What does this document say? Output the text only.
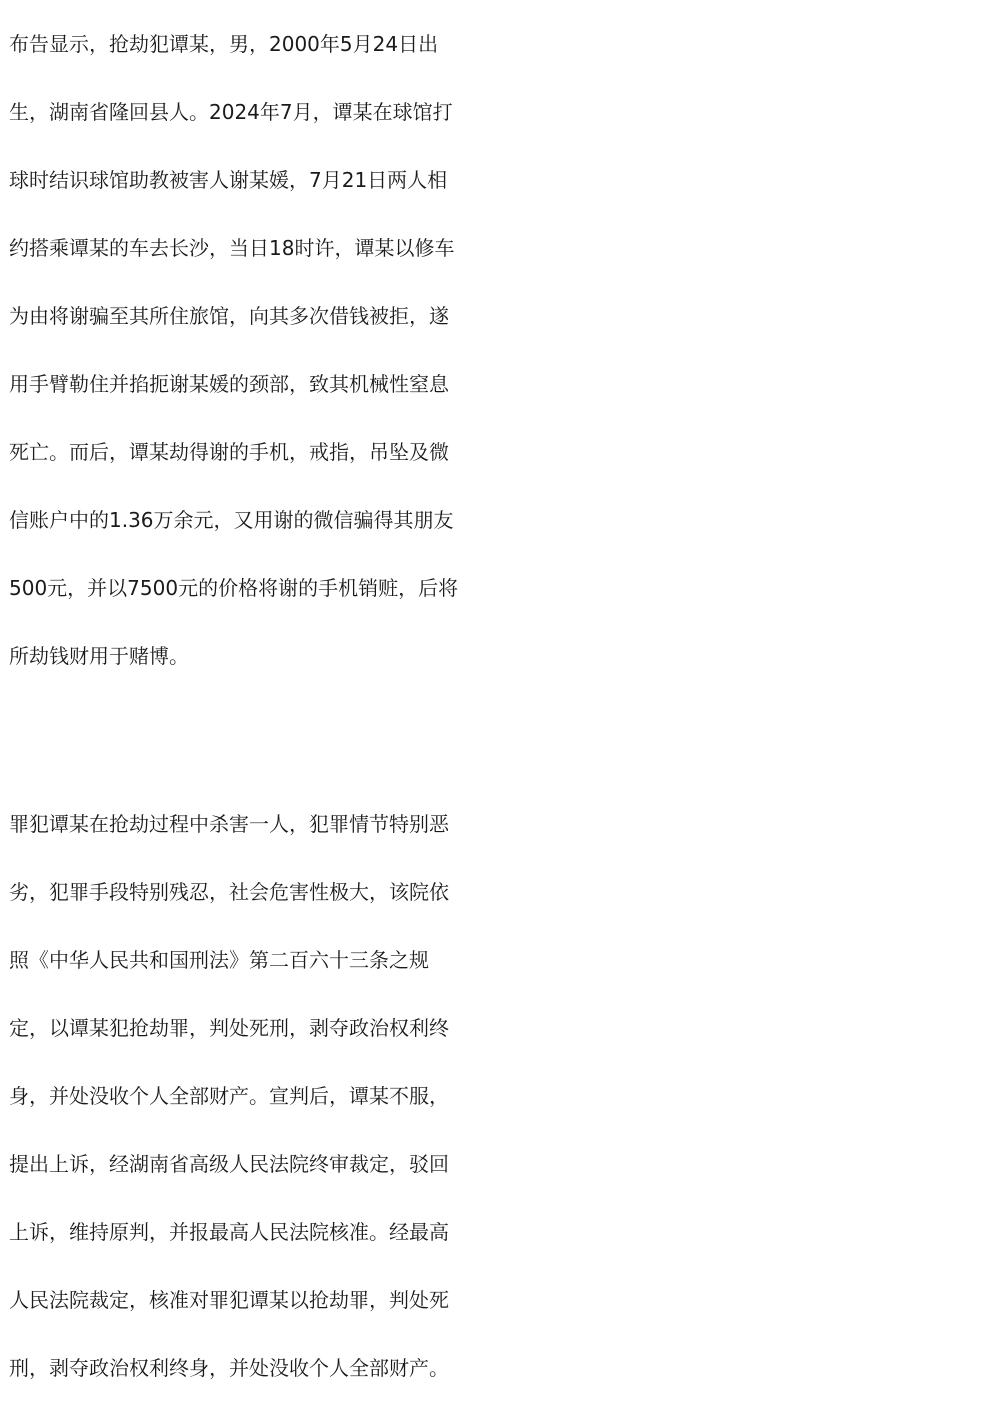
布告显示，抢劫犯谭某，男，2000年5月24日出
生，湖南省隆回县人。2024年7月，谭某在球馆打
球时结识球馆助教被害人谢某媛，7月21日两人相
约搭乘谭某的车去长沙，当日18时许，谭某以修车
为由将谢骗至其所住旅馆，向其多次借钱被拒，遂
用手臂勒住并掐扼谢某媛的颈部，致其机械性窒息
死亡。而后，谭某劫得谢的手机，戒指，吊坠及微
信账户中的1.36万余元，又用谢的微信骗得其朋友
500元，并以7500元的价格将谢的手机销赃，后将
所劫钱财用于赌博。

罪犯谭某在抢劫过程中杀害一人，犯罪情节特别恶
劣，犯罪手段特别残忍，社会危害性极大，该院依
照《中华人民共和国刑法》第二百六十三条之规
定，以谭某犯抢劫罪，判处死刑，剥夺政治权利终
身，并处没收个人全部财产。宣判后，谭某不服，
提出上诉，经湖南省高级人民法院终审裁定，驳回
上诉，维持原判，并报最高人民法院核准。经最高
人民法院裁定，核准对罪犯谭某以抢劫罪，判处死
刑，剥夺政治权利终身，并处没收个人全部财产。
